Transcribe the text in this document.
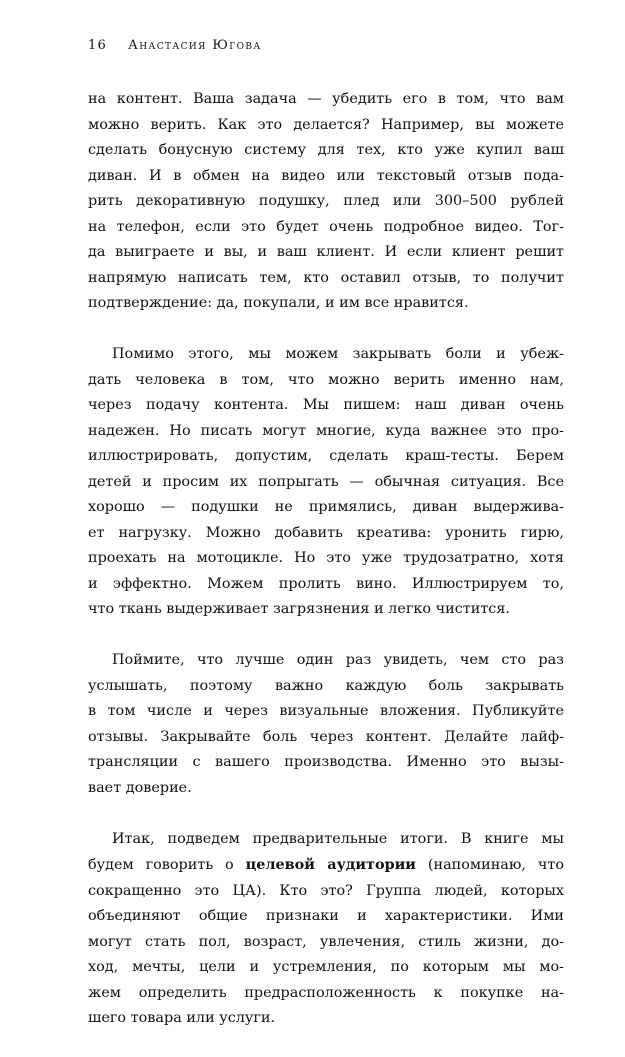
16 Анастасия Югова
на контент. Ваша задача — убедить его в том, что вам
можно верить. Как это делается? Например, вы можете
сделать бонусную систему для тех, кто уже купил ваш
диван. И в обмен на видео или текстовый отзыв пода-
рить декоративную подушку, плед или 300–500 рублей
на телефон, если это будет очень подробное видео. Тог-
да выиграете и вы, и ваш клиент. И если клиент решит
напрямую написать тем, кто оставил отзыв, то получит
подтверждение: да, покупали, и им все нравится.
Помимо этого, мы можем закрывать боли и убеж-
дать человека в том, что можно верить именно нам,
через подачу контента. Мы пишем: наш диван очень
надежен. Но писать могут многие, куда важнее это про-
иллюстрировать, допустим, сделать краш-тесты. Берем
детей и просим их попрыгать — обычная ситуация. Все
хорошо — подушки не примялись, диван выдерживa-
ет нагрузку. Можно добавить креатива: уронить гирю,
проехать на мотоцикле. Но это уже трудозатратно, хотя
и эффектно. Можем пролить вино. Иллюстрируем то,
что ткань выдерживает загрязнения и легко чистится.
Поймите, что лучше один раз увидеть, чем сто раз
услышать, поэтому важно каждую боль закрывать
в том числе и через визуальные вложения. Публикуйте
отзывы. Закрывайте боль через контент. Делайте лайф-
трансляции с вашего производства. Именно это вызы-
вает доверие.
Итак, подведем предварительные итоги. В книге мы
будем говорить о целевой аудитории (напоминаю, что
сокращенно это ЦА). Кто это? Группа людей, которых
объединяют общие признаки и характеристики. Ими
могут стать пол, возраст, увлечения, стиль жизни, до-
ход, мечты, цели и устремления, по которым мы мо-
жем определить предрасположенность к покупке на-
шего товара или услуги.
